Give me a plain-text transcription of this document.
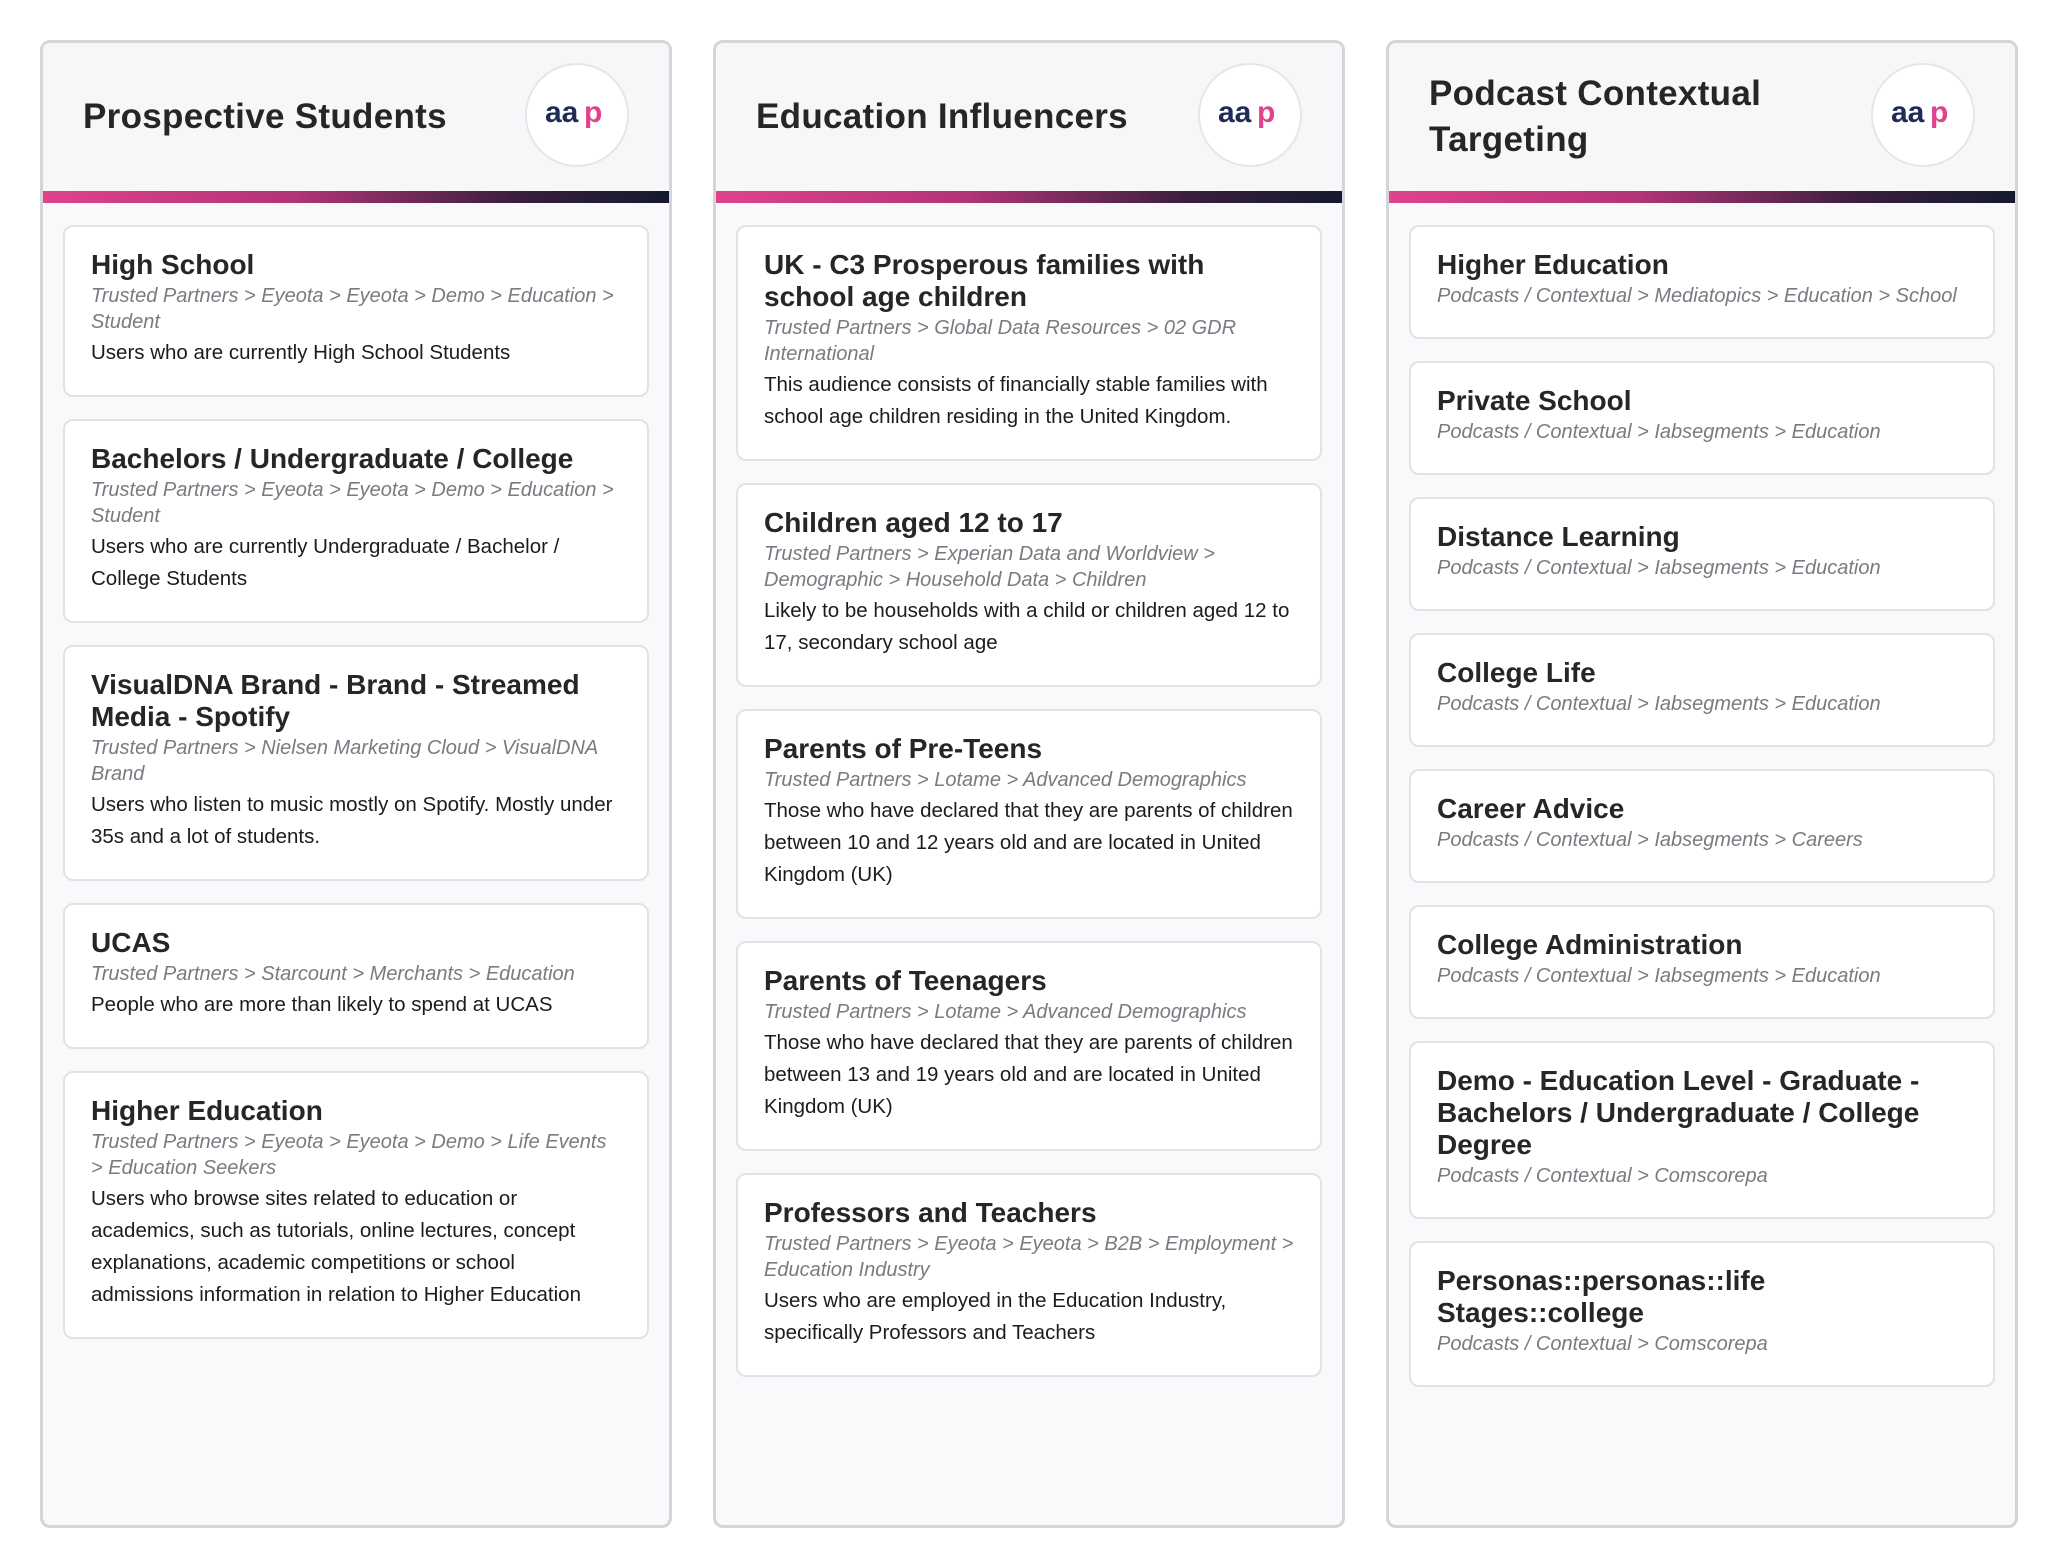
Prospective Students	aa p
High School
Trusted Partners > Eyeota > Eyeota > Demo > Education > Student
Users who are currently High School Students
Bachelors / Undergraduate / College
Trusted Partners > Eyeota > Eyeota > Demo > Education > Student
Users who are currently Undergraduate / Bachelor / College Students
VisualDNA Brand - Brand - Streamed Media - Spotify
Trusted Partners > Nielsen Marketing Cloud > VisualDNA Brand
Users who listen to music mostly on Spotify. Mostly under 35s and a lot of students.
UCAS
Trusted Partners > Starcount > Merchants > Education
People who are more than likely to spend at UCAS
Higher Education
Trusted Partners > Eyeota > Eyeota > Demo > Life Events > Education Seekers
Users who browse sites related to education or academics, such as tutorials, online lectures, concept explanations, academic competitions or school admissions information in relation to Higher Education
Education Influencers	aa p
UK - C3 Prosperous families with school age children
Trusted Partners > Global Data Resources > 02 GDR International
This audience consists of financially stable families with school age children residing in the United Kingdom.
Children aged 12 to 17
Trusted Partners > Experian Data and Worldview > Demographic > Household Data > Children
Likely to be households with a child or children aged 12 to 17, secondary school age
Parents of Pre-Teens
Trusted Partners > Lotame > Advanced Demographics
Those who have declared that they are parents of children between 10 and 12 years old and are located in United Kingdom (UK)
Parents of Teenagers
Trusted Partners > Lotame > Advanced Demographics
Those who have declared that they are parents of children between 13 and 19 years old and are located in United Kingdom (UK)
Professors and Teachers
Trusted Partners > Eyeota > Eyeota > B2B > Employment > Education Industry
Users who are employed in the Education Industry, specifically Professors and Teachers
Podcast Contextual Targeting
aa p
Higher Education
Podcasts / Contextual > Mediatopics > Education > School
Private School
Podcasts / Contextual > Iabsegments > Education
Distance Learning
Podcasts / Contextual > Iabsegments > Education
College Life
Podcasts / Contextual > Iabsegments > Education
Career Advice
Podcasts / Contextual > Iabsegments > Careers
College Administration
Podcasts / Contextual > Iabsegments > Education
Demo - Education Level - Graduate - Bachelors / Undergraduate / College Degree
Podcasts / Contextual > Comscorepa
Personas::personas::life Stages::college
Podcasts / Contextual > Comscorepa
